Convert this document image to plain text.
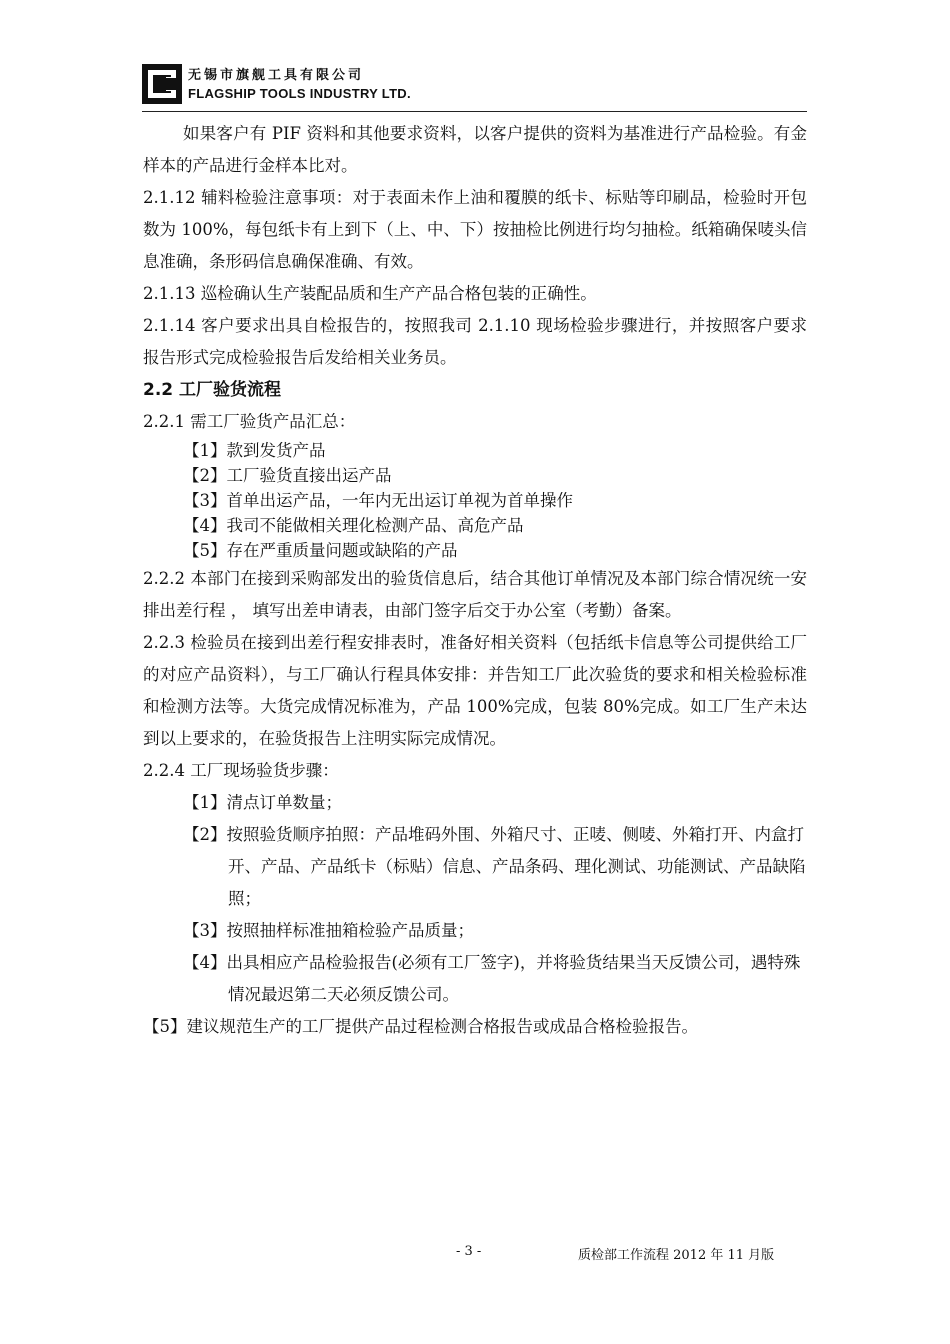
无锡市旗舰工具有限公司
FLAGSHIP TOOLS INDUSTRY LTD.

如果客户有 PIF 资料和其他要求资料，以客户提供的资料为基准进行产品检验。有金样本的产品进行金样本比对。

2.1.12 辅料检验注意事项：对于表面未作上油和覆膜的纸卡、标贴等印刷品，检验时开包数为 100%，每包纸卡有上到下（上、中、下）按抽检比例进行均匀抽检。纸箱确保唛头信息准确，条形码信息确保准确、有效。

2.1.13 巡检确认生产装配品质和生产产品合格包装的正确性。

2.1.14 客户要求出具自检报告的，按照我司 2.1.10 现场检验步骤进行，并按照客户要求报告形式完成检验报告后发给相关业务员。

2.2 工厂验货流程

2.2.1 需工厂验货产品汇总：

【1】款到发货产品
【2】工厂验货直接出运产品
【3】首单出运产品，一年内无出运订单视为首单操作
【4】我司不能做相关理化检测产品、高危产品
【5】存在严重质量问题或缺陷的产品

2.2.2 本部门在接到采购部发出的验货信息后，结合其他订单情况及本部门综合情况统一安排出差行程 ， 填写出差申请表，由部门签字后交于办公室（考勤）备案。

2.2.3 检验员在接到出差行程安排表时，准备好相关资料（包括纸卡信息等公司提供给工厂的对应产品资料），与工厂确认行程具体安排：并告知工厂此次验货的要求和相关检验标准和检测方法等。大货完成情况标准为，产品 100%完成，包装 80%完成。如工厂生产未达到以上要求的，在验货报告上注明实际完成情况。

2.2.4 工厂现场验货步骤：

【1】清点订单数量；
【2】按照验货顺序拍照：产品堆码外围、外箱尺寸、正唛、侧唛、外箱打开、内盒打开、产品、产品纸卡（标贴）信息、产品条码、理化测试、功能测试、产品缺陷照；
【3】按照抽样标准抽箱检验产品质量；
【4】出具相应产品检验报告(必须有工厂签字)，并将验货结果当天反馈公司，遇特殊情况最迟第二天必须反馈公司。
【5】建议规范生产的工厂提供产品过程检测合格报告或成品合格检验报告。
- 3 -	质检部工作流程 2012 年 11 月版
